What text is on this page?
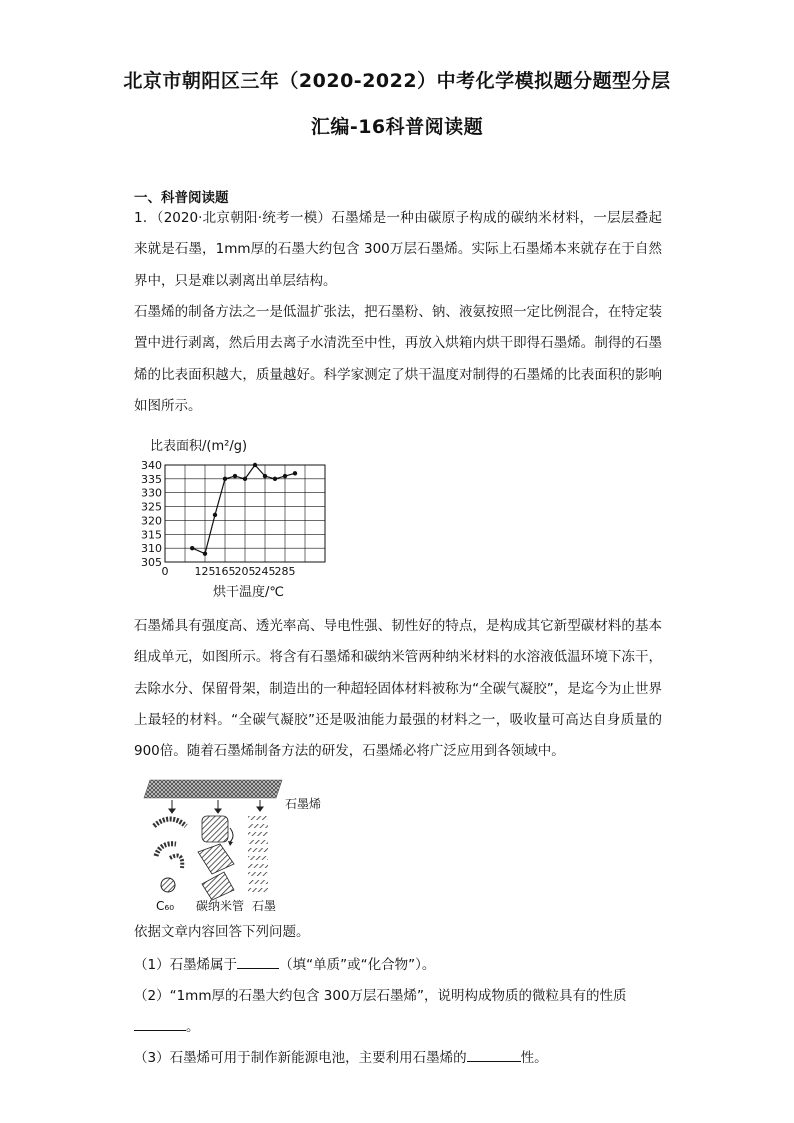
北京市朝阳区三年（2020-2022）中考化学模拟题分题型分层
汇编-16科普阅读题
一、科普阅读题
1．（2020·北京朝阳·统考一模）石墨烯是一种由碳原子构成的碳纳米材料，一层层叠起来就是石墨，1mm厚的石墨大约包含 300万层石墨烯。实际上石墨烯本来就存在于自然界中，只是难以剥离出单层结构。
石墨烯的制备方法之一是低温扩张法，把石墨粉、钠、液氨按照一定比例混合，在特定装置中进行剥离，然后用去离子水清洗至中性，再放入烘箱内烘干即得石墨烯。制得的石墨烯的比表面积越大，质量越好。科学家测定了烘干温度对制得的石墨烯的比表面积的影响如图所示。
比表面积/(m²/g)
305
310
315
320
325
330
335
340
0 125 165 205 245 285
烘干温度/℃
石墨烯具有强度高、透光率高、导电性强、韧性好的特点，是构成其它新型碳材料的基本组成单元，如图所示。将含有石墨烯和碳纳米管两种纳米材料的水溶液低温环境下冻干，去除水分、保留骨架，制造出的一种超轻固体材料被称为“全碳气凝胶”，是迄今为止世界上最轻的材料。“全碳气凝胶”还是吸油能力最强的材料之一，吸收量可高达自身质量的 900倍。随着石墨烯制备方法的研发，石墨烯必将广泛应用到各领域中。
石墨烯
C₆₀ 碳纳米管 石墨
依据文章内容回答下列问题。
（1）石墨烯属于	（填“单质”或“化合物”）。
（2）“1mm厚的石墨大约包含 300万层石墨烯”，说明构成物质的微粒具有的性质
。
（3）石墨烯可用于制作新能源电池，主要利用石墨烯的	性。
